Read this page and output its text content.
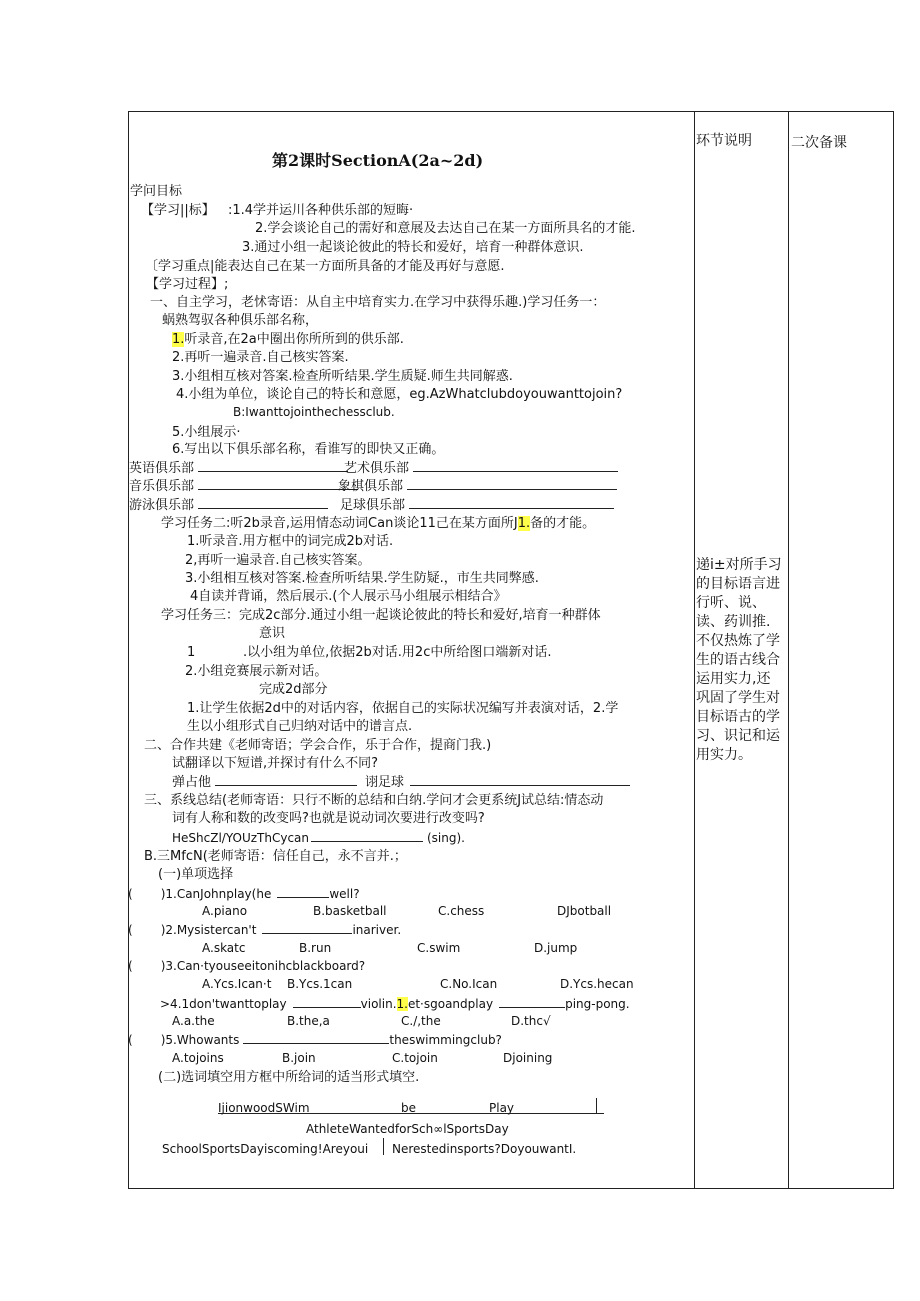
环节说明	二次备课
第2课时SectionA(2a~2d)
学问目标
【学习||标】 :1.4学并运川各种供乐部的短晦·
2.学会谈论自己的需好和意展及去达自己在某一方面所具名的才能.
3.通过小组一起谈论彼此的特长和爱好，培育一种群体意识.
〔学习重点|能表达自己在某一方面所具备的才能及再好与意愿.
【学习过程】;
一、自主学习，老怵寄语：从自主中培育实力.在学习中获得乐趣.)学习任务一：
蜗熟驾驭各种俱乐部名称，
1.听录音,在2a中圈出你所所到的供乐部.
2.再听一遍录音.自己核实答案.
3.小组相互核对答案.检查所听结果.学生质疑.师生共同解惑.
4.小组为单位，谈论自己的特长和意愿，eg.AzWhatclubdoyouwanttojoin?
B:Iwanttojointhechessclub.
5.小组展示·
6.写出以下俱乐部名称，看谁写的即快又正确。
英语俱乐部	艺术俱乐部
音乐俱乐部	象棋俱乐部
游泳俱乐部	足球俱乐部
学习任务二:听2b录音,运用情态动词Can谈论11己在某方面所J1.备的才能。
1.听录音.用方框中的词完成2b对话.
2,再听一遍录音.自己核实答案。
3.小组相互核对答案.检查所听结果.学生防疑.，市生共同弊感.
4自读并背诵，然后展示.(个人展示马小组展示相结合》
学习任务三：完成2c部分.通过小组一起谈论彼此的特长和爱好,培育一种群体
意识
1	.以小组为单位,依据2b对话.用2c中所给图口端新对话.
2.小组竞赛展示新对话。
完成2d部分
1.让学生依据2d中的对话内容，依据自己的实际状况编写并表演对话，2.学
生以小组形式自己归纳对话中的谱言点.
二、合作共建《老师寄语；学会合作，乐于合作，提商门我.)
试翻译以下短谱,并探讨有什么不同?
弹占他	诩足球
三、系线总结(老师寄语：只行不断的总结和白纳.学问才会更系统J试总结:情态动
词有人称和数的改变吗?也就是说动词次要进行改变吗?
HeShcZl/YOUzThCycan	(sing).
B.三MfcN(老师寄语：信任自己，永不言并.；
(一)单项选择
( )1.CanJohnplay(he	well?
A.piano	B.basketball	C.chess	DJbotball
( )2.Mysistercan't	inariver.
A.skatc	B.run	C.swim	D.jump
( )3.Can·tyouseeitonihcblackboard?
A.Ycs.Ican·t B.Ycs.1can	C.No.Ican	D.Ycs.hecan
>4.1don'twanttoplay	violin.1.et·sgoandplay	ping-pong.
A.a.the	B.the,a	C./,the	D.thc√
( )5.Whowants	theswimmingclub?
A.tojoins	B.join	C.tojoin	Djoining
(二)选词填空用方框中所给词的适当形式填空.
IjionwoodSWim	be	Play
AthleteWantedforSch∞lSportsDay
SchoolSportsDayiscoming!Areyoui Nerestedinsports?DoyouwantI.
递i±对所手习的目标语言进行听、说、读、药训推.不仅热炼了学生的语古线合运用实力,还巩固了学生对目标语古的学习、识记和运用实力。
